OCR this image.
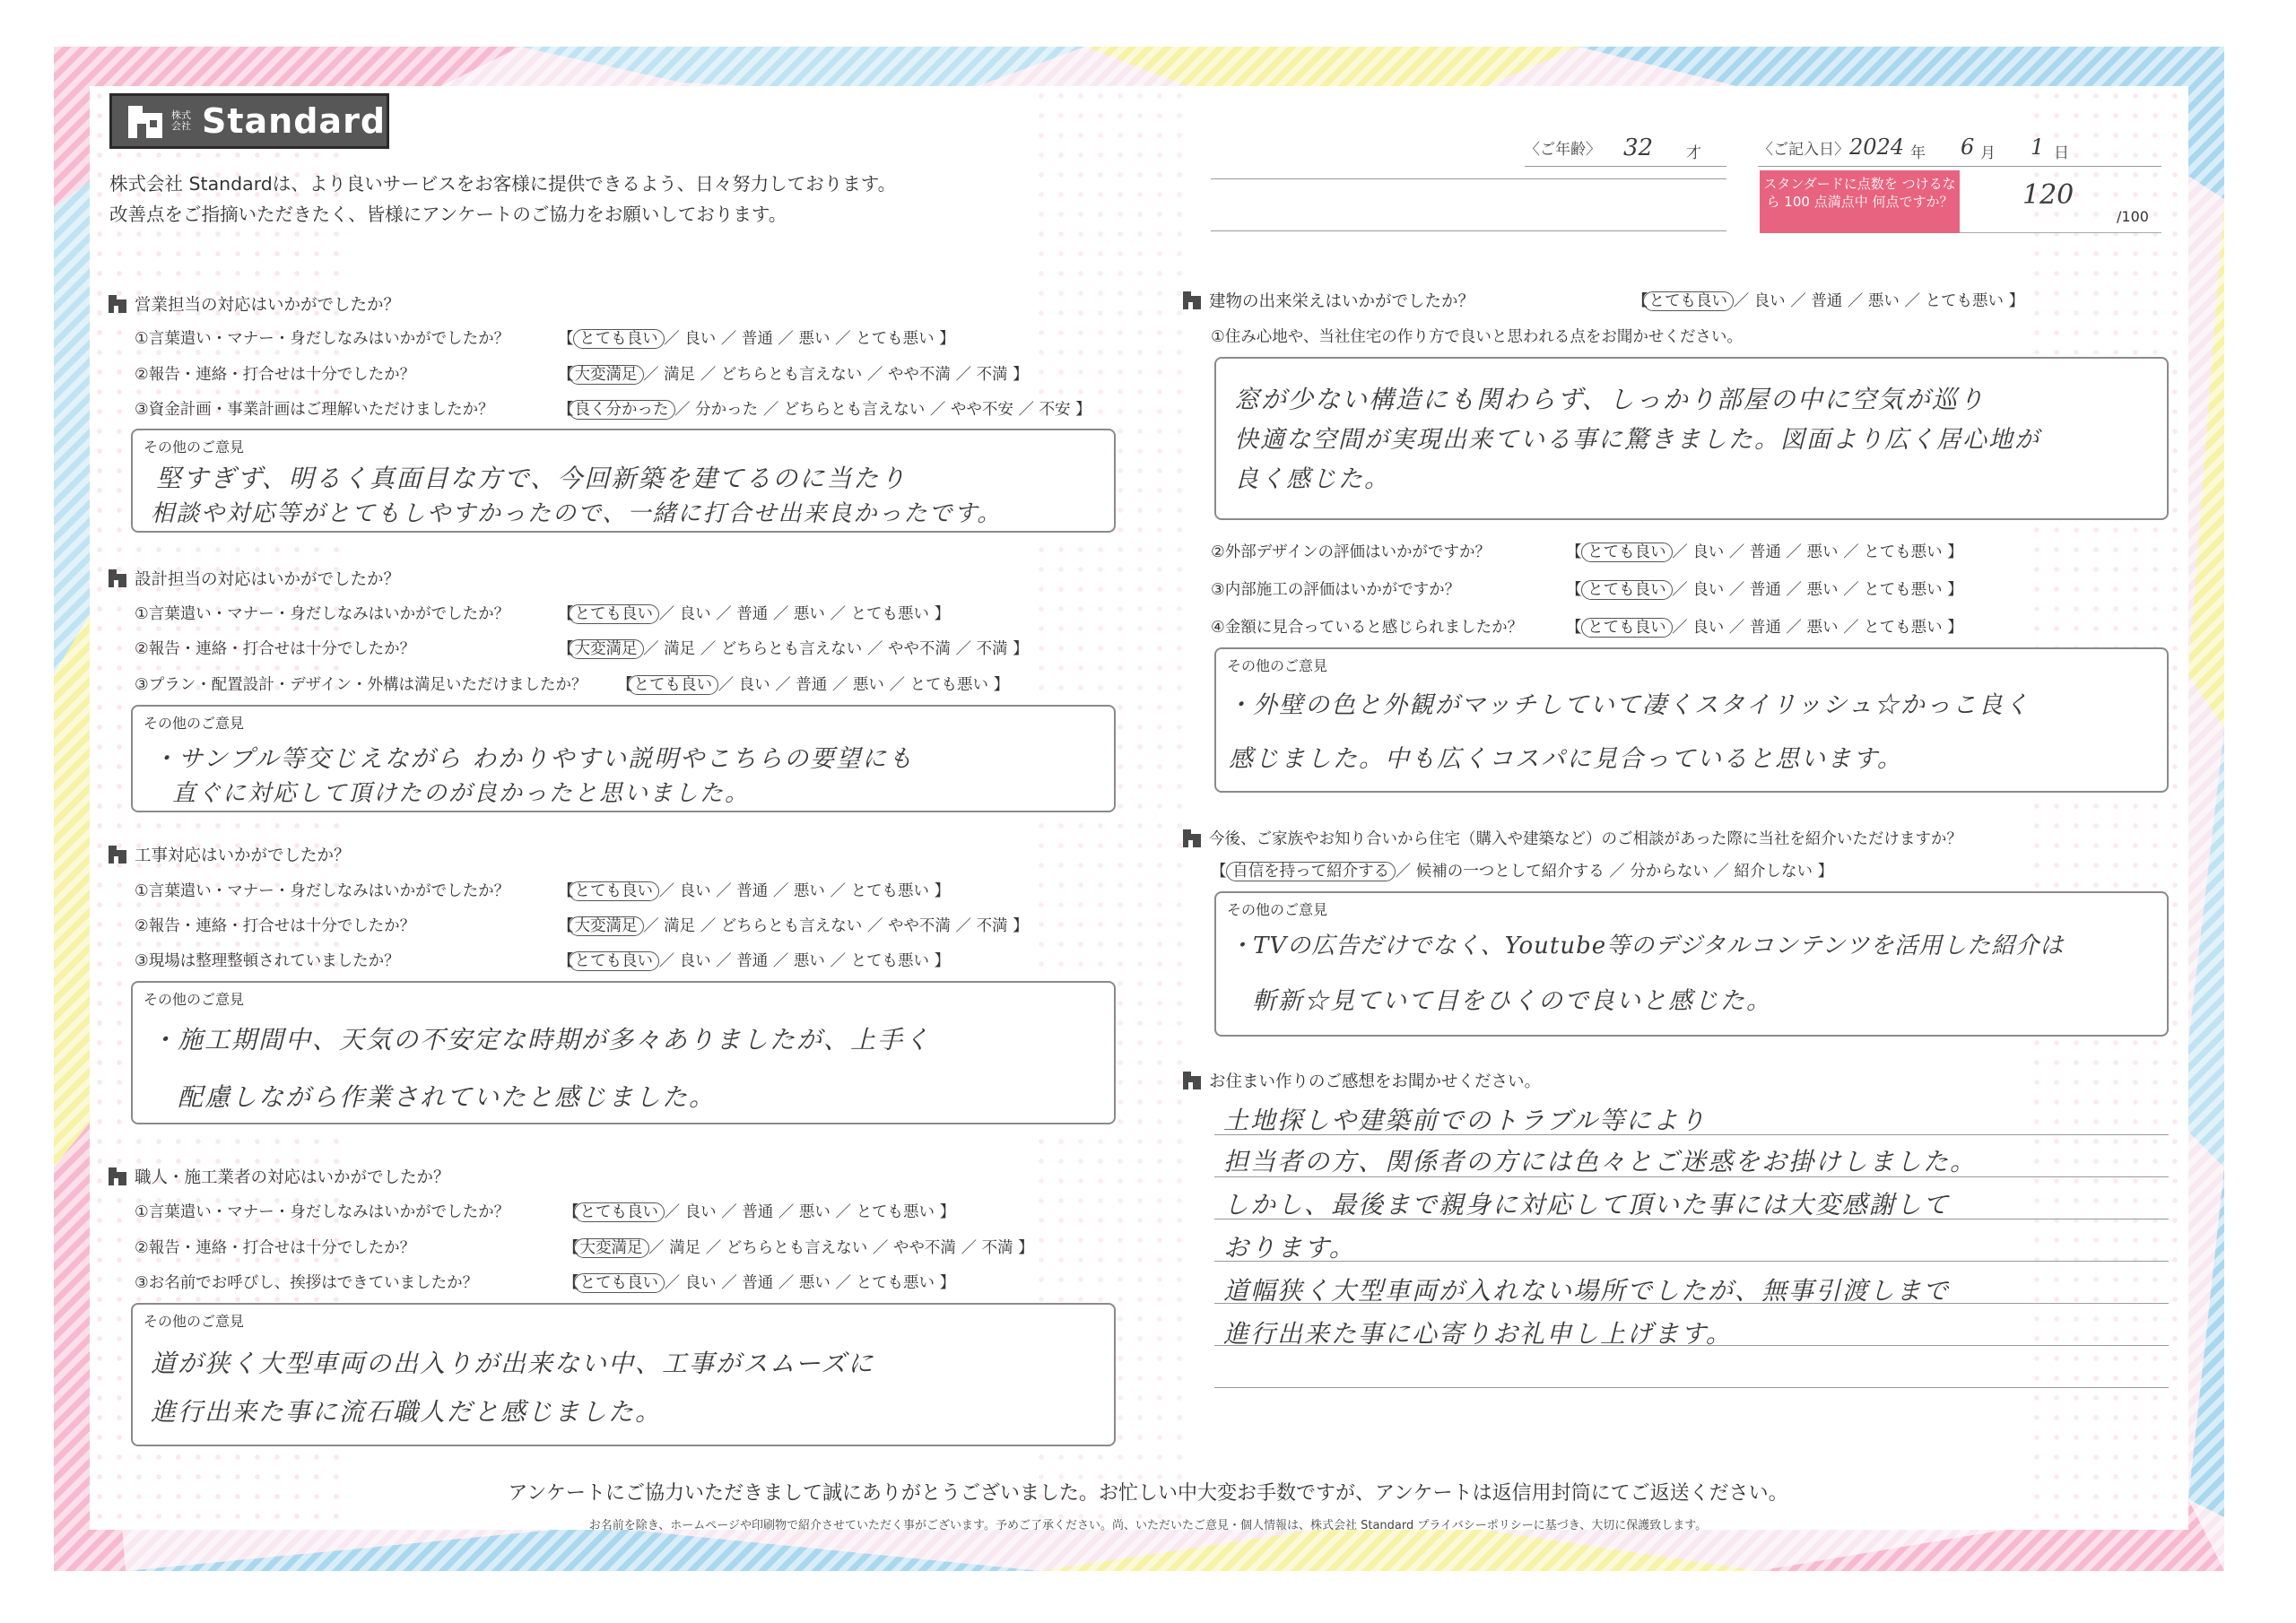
株式会社 Standard
株式会社 Standardは、より良いサービスをお客様に提供できるよう、日々努力しております。
改善点をご指摘いただきたく、皆様にアンケートのご協力をお願いしております。
〈ご年齢〉 32 才	〈ご記入日〉 2024 年 6 月 1 日
スタンダードに点数を つけるなら 100 点満点中 何点ですか？	120
/100
営業担当の対応はいかがでしたか？
①言葉遣い・マナー・身だしなみはいかがでしたか？	【 とても良い ／ 良い ／ 普通 ／ 悪い ／ とても悪い 】
②報告・連絡・打合せは十分でしたか？	【大変満足 ／ 満足 ／ どちらとも言えない ／ やや不満 ／ 不満 】
③資金計画・事業計画はご理解いただけましたか？	【良く分かった ／ 分かった ／ どちらとも言えない ／ やや不安 ／ 不安 】
その他のご意見
堅すぎず、明るく真面目な方で、今回新築を建てるのに当たり
相談や対応等がとてもしやすかったので、一緒に打合せ出来良かったです。
設計担当の対応はいかがでしたか？
①言葉遣い・マナー・身だしなみはいかがでしたか？	【とても良い ／ 良い ／ 普通 ／ 悪い ／ とても悪い 】
②報告・連絡・打合せは十分でしたか？	【大変満足 ／ 満足 ／ どちらとも言えない ／ やや不満 ／ 不満 】
③プラン・配置設計・デザイン・外構は満足いただけましたか？ 【とても良い ／ 良い ／ 普通 ／ 悪い ／ とても悪い 】
その他のご意見
・サンプル等交じえながら わかりやすい説明やこちらの要望にも
直ぐに対応して頂けたのが良かったと思いました。
工事対応はいかがでしたか？
①言葉遣い・マナー・身だしなみはいかがでしたか？	【とても良い ／ 良い ／ 普通 ／ 悪い ／ とても悪い 】
②報告・連絡・打合せは十分でしたか？	【大変満足 ／ 満足 ／ どちらとも言えない ／ やや不満 ／ 不満 】
③現場は整理整頓されていましたか？	【とても良い ／ 良い ／ 普通 ／ 悪い ／ とても悪い 】
その他のご意見
・施工期間中、天気の不安定な時期が多々ありましたが、上手く
配慮しながら作業されていたと感じました。
職人・施工業者の対応はいかがでしたか？
①言葉遣い・マナー・身だしなみはいかがでしたか？	【とても良い ／ 良い ／ 普通 ／ 悪い ／ とても悪い 】
②報告・連絡・打合せは十分でしたか？	【大変満足 ／ 満足 ／ どちらとも言えない ／ やや不満 ／ 不満 】
③お名前でお呼びし、挨拶はできていましたか？	【とても良い ／ 良い ／ 普通 ／ 悪い ／ とても悪い 】
その他のご意見
道が狭く大型車両の出入りが出来ない中、工事がスムーズに
進行出来た事に流石職人だと感じました。
建物の出来栄えはいかがでしたか？	【とても良い ／ 良い ／ 普通 ／ 悪い ／ とても悪い 】
①住み心地や、当社住宅の作り方で良いと思われる点をお聞かせください。
窓が少ない構造にも関わらず、しっかり部屋の中に空気が巡り
快適な空間が実現出来ている事に驚きました。図面より広く居心地が
良く感じた。
②外部デザインの評価はいかがですか？	【 とても良い ／ 良い ／ 普通 ／ 悪い ／ とても悪い 】
③内部施工の評価はいかがですか？	【 とても良い ／ 良い ／ 普通 ／ 悪い ／ とても悪い 】
④金額に見合っていると感じられましたか？	【 とても良い ／ 良い ／ 普通 ／ 悪い ／ とても悪い 】
その他のご意見
・外壁の色と外観がマッチしていて凄くスタイリッシュ☆かっこ良く
感じました。中も広くコスパに見合っていると思います。
今後、ご家族やお知り合いから住宅（購入や建築など）のご相談があった際に当社を紹介いただけますか？
【 自信を持って紹介する ／ 候補の一つとして紹介する ／ 分からない ／ 紹介しない 】
その他のご意見
・TVの広告だけでなく、Youtube等のデジタルコンテンツを活用した紹介は
斬新☆見ていて目をひくので良いと感じた。
お住まい作りのご感想をお聞かせください。
土地探しや建築前でのトラブル等により
担当者の方、関係者の方には色々とご迷惑をお掛けしました。
しかし、最後まで親身に対応して頂いた事には大変感謝して
おります。
道幅狭く大型車両が入れない場所でしたが、無事引渡しまで
進行出来た事に心寄りお礼申し上げます。
アンケートにご協力いただきまして誠にありがとうございました。お忙しい中大変お手数ですが、アンケートは返信用封筒にてご返送ください。
お名前を除き、ホームページや印刷物で紹介させていただく事がございます。予めご了承ください。尚、いただいたご意見・個人情報は、株式会社 Standard プライバシーポリシーに基づき、大切に保護致します。
